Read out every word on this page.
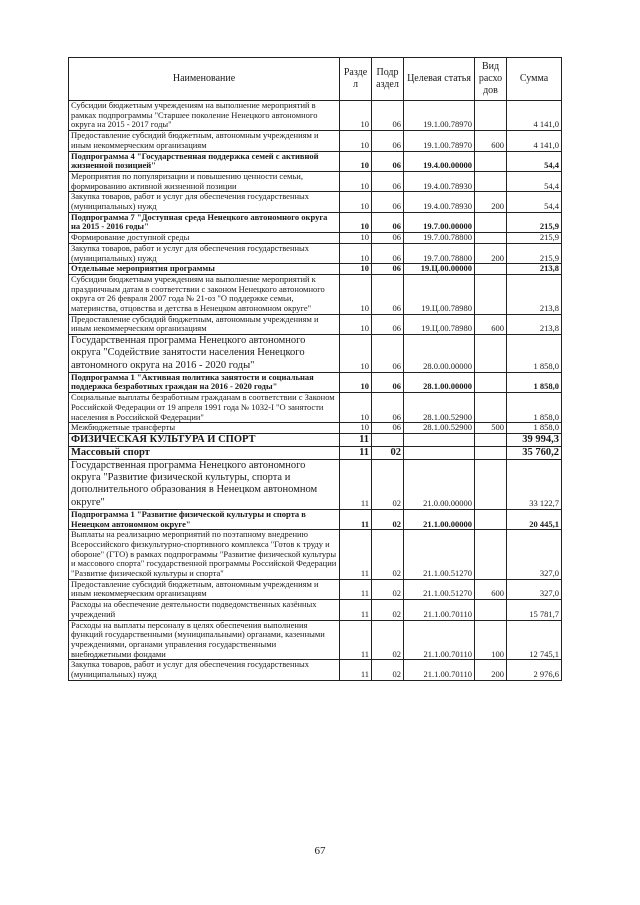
Наименование	Разде л	Подр аздел	Целевая статья	Вид расхо дов	Сумма
Субсидии бюджетным учреждениям на выполнение мероприятий в рамках подпрограммы "Старшее поколение Ненецкого автономного округа на 2015 - 2017 годы"	10	06	19.1.00.78970		4 141,0
Предоставление субсидий бюджетным, автономным учреждениям и иным некоммерческим организациям	10	06	19.1.00.78970	600	4 141,0
Подпрограмма 4 "Государственная поддержка семей с активной жизненной позицией"	10	06	19.4.00.00000		54,4
Мероприятия по популяризации и повышению ценности семьи, формированию активной жизненной позиции	10	06	19.4.00.78930		54,4
Закупка товаров, работ и услуг для обеспечения государственных (муниципальных) нужд	10	06	19.4.00.78930	200	54,4
Подпрограмма 7 "Доступная среда Ненецкого автономного округа на 2015 - 2016 годы"	10	06	19.7.00.00000		215,9
Формирование доступной среды	10	06	19.7.00.78800		215,9
Закупка товаров, работ и услуг для обеспечения государственных (муниципальных) нужд	10	06	19.7.00.78800	200	215,9
Отдельные мероприятия программы	10	06	19.Ц.00.00000		213,8
Субсидии бюджетным учреждениям на выполнение мероприятий к праздничным датам в соответствии с законом Ненецкого автономного округа от 26 февраля 2007 года № 21-оз "О поддержке семьи, материнства, отцовства и детства в Ненецком автономном округе"	10	06	19.Ц.00.78980		213,8
Предоставление субсидий бюджетным, автономным учреждениям и иным некоммерческим организациям	10	06	19.Ц.00.78980	600	213,8
Государственная программа Ненецкого автономного округа "Содействие занятости населения Ненецкого автономного округа на 2016 - 2020 годы"	10	06	28.0.00.00000		1 858,0
Подпрограмма 1 "Активная политика занятости и социальная поддержка безработных граждан на 2016 - 2020 годы"	10	06	28.1.00.00000		1 858,0
Социальные выплаты безработным гражданам в соответствии с Законом Российской Федерации от 19 апреля 1991 года № 1032-I "О занятости населения в Российской Федерации"	10	06	28.1.00.52900		1 858,0
Межбюджетные трансферты	10	06	28.1.00.52900	500	1 858,0
ФИЗИЧЕСКАЯ КУЛЬТУРА И СПОРТ	11				39 994,3
Массовый спорт	11	02			35 760,2
Государственная программа Ненецкого автономного округа "Развитие физической культуры, спорта и дополнительного образования в Ненецком автономном округе"	11	02	21.0.00.00000		33 122,7
Подпрограмма 1 "Развитие физической культуры и спорта в Ненецком автономном округе"	11	02	21.1.00.00000		20 445,1
Выплаты на реализацию мероприятий по поэтапному внедрению Всероссийского физкультурно-спортивного комплекса "Готов к труду и обороне" (ГТО) в рамках подпрограммы "Развитие физической культуры и массового спорта" государственной программы Российской Федерации "Развитие физической культуры и спорта"	11	02	21.1.00.51270		327,0
Предоставление субсидий бюджетным, автономным учреждениям и иным некоммерческим организациям	11	02	21.1.00.51270	600	327,0
Расходы на обеспечение деятельности подведомственных казённых учреждений	11	02	21.1.00.70110		15 781,7
Расходы на выплаты персоналу в целях обеспечения выполнения функций государственными (муниципальными) органами, казенными учреждениями, органами управления государственными внебюджетными фондами	11	02	21.1.00.70110	100	12 745,1
Закупка товаров, работ и услуг для обеспечения государственных (муниципальных) нужд	11	02	21.1.00.70110	200	2 976,6
67
